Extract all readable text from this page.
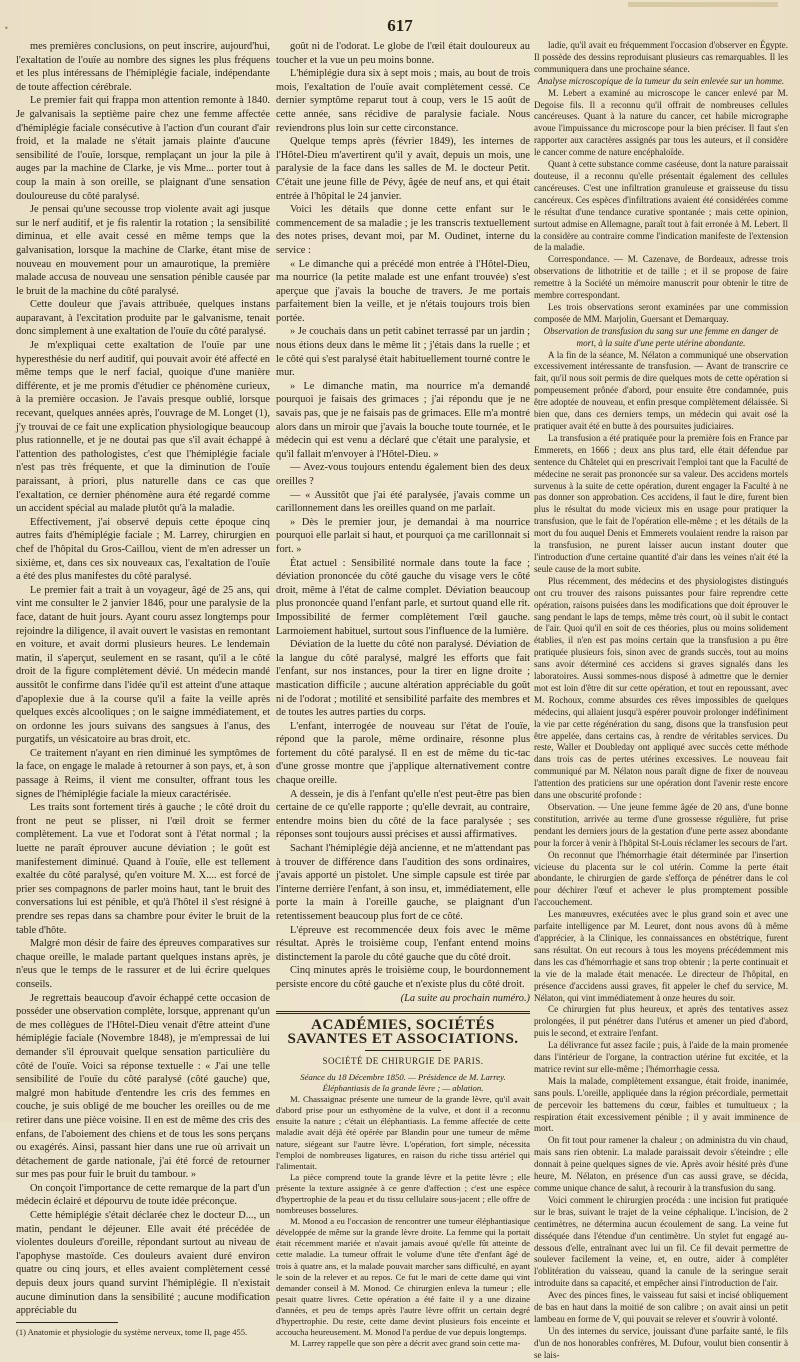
•	617

mes premières conclusions, on peut inscrire, aujourd'hui, l'exaltation de l'ouïe au nombre des signes les plus fréquens et les plus intéressans de l'hémiplégie faciale, indépendante de toute affection cérébrale.

Le premier fait qui frappa mon attention remonte à 1840. Je galvanisais la septième paire chez une femme affectée d'hémiplégie faciale consécutive à l'action d'un courant d'air froid, et la malade ne s'était jamais plainte d'aucune sensibilité de l'ouïe, lorsque, remplaçant un jour la pile à auges par la machine de Clarke, je vis Mme... porter tout à coup la main à son oreille, se plaignant d'une sensation douloureuse du côté paralysé.

Je pensai qu'une secousse trop violente avait agi jusque sur le nerf auditif, et je fis ralentir la rotation ; la sensibilité diminua, et elle avait cessé en même temps que la galvanisation, lorsque la machine de Clarke, étant mise de nouveau en mouvement pour un amaurotique, la première malade accusa de nouveau une sensation pénible causée par le bruit de la machine du côté paralysé.

Cette douleur que j'avais attribuée, quelques instans auparavant, à l'excitation produite par le galvanisme, tenait donc simplement à une exaltation de l'ouïe du côté paralysé.

Je m'expliquai cette exaltation de l'ouïe par une hyperesthésie du nerf auditif, qui pouvait avoir été affecté en même temps que le nerf facial, quoique d'une manière différente, et je me promis d'étudier ce phénomène curieux, à la première occasion. Je l'avais presque oublié, lorsque recevant, quelques années après, l'ouvrage de M. Longet (1), j'y trouvai de ce fait une explication physiologique beaucoup plus rationnelle, et je ne doutai pas que s'il avait échappé à l'attention des pathologistes, c'est que l'hémiplégie faciale n'est pas très fréquente, et que la diminution de l'ouïe paraissant, à priori, plus naturelle dans ce cas que l'exaltation, ce dernier phénomène aura été regardé comme un accident spécial au malade plutôt qu'à la maladie.

Effectivement, j'ai observé depuis cette époque cinq autres faits d'hémiplégie faciale ; M. Larrey, chirurgien en chef de l'hôpital du Gros-Caillou, vient de m'en adresser un sixième, et, dans ces six nouveaux cas, l'exaltation de l'ouïe a été des plus manifestes du côté paralysé.

Le premier fait a trait à un voyageur, âgé de 25 ans, qui vint me consulter le 2 janvier 1846, pour une paralysie de la face, datant de huit jours. Ayant couru assez longtemps pour rejoindre la diligence, il avait ouvert le vasistas en remontant en voiture, et avait dormi plusieurs heures. Le lendemain matin, il s'aperçut, seulement en se rasant, qu'il a le côté droit de la figure complètement dévié. Un médecin mandé aussitôt le confirme dans l'idée qu'il est atteint d'une attaque d'apoplexie due à la course qu'il a faite la veille après quelques excès alcooliques ; on le saigne immédiatement, et on ordonne les jours suivans des sangsues à l'anus, des purgatifs, un vésicatoire au bras droit, etc.

Ce traitement n'ayant en rien diminué les symptômes de la face, on engage le malade à retourner à son pays, et, à son passage à Reims, il vient me consulter, offrant tous les signes de l'hémiplégie faciale la mieux caractérisée.

Les traits sont fortement tirés à gauche ; le côté droit du front ne peut se plisser, ni l'œil droit se fermer complètement. La vue et l'odorat sont à l'état normal ; la luette ne paraît éprouver aucune déviation ; le goût est manifestement diminué. Quand à l'ouïe, elle est tellement exaltée du côté paralysé, qu'en voiture M. X.... est forcé de prier ses compagnons de parler moins haut, tant le bruit des conversations lui est pénible, et qu'à l'hôtel il s'est résigné à prendre ses repas dans sa chambre pour éviter le bruit de la table d'hôte.

Malgré mon désir de faire des épreuves comparatives sur chaque oreille, le malade partant quelques instans après, je n'eus que le temps de le rassurer et de lui écrire quelques conseils.

Je regrettais beaucoup d'avoir échappé cette occasion de posséder une observation complète, lorsque, apprenant qu'un de mes collègues de l'Hôtel-Dieu venait d'être atteint d'une hémiplégie faciale (Novembre 1848), je m'empressai de lui demander s'il éprouvait quelque sensation particulière du côté de l'ouïe. Voici sa réponse textuelle : « J'ai une telle sensibilité de l'ouïe du côté paralysé (côté gauche) que, malgré mon habitude d'entendre les cris des femmes en couche, je suis obligé de me boucher les oreilles ou de me retirer dans une pièce voisine. Il en est de même des cris des enfans, de l'aboiement des chiens et de tous les sons perçans ou exagérés. Ainsi, passant hier dans une rue où arrivait un détachement de garde nationale, j'ai été forcé de retourner sur mes pas pour fuir le bruit du tambour. »

On conçoit l'importance de cette remarque de la part d'un médecin éclairé et dépourvu de toute idée préconçue.

Cette hémiplégie s'était déclarée chez le docteur D..., un matin, pendant le déjeuner. Elle avait été précédée de violentes douleurs d'oreille, répondant surtout au niveau de l'apophyse mastoïde. Ces douleurs avaient duré environ quatre ou cinq jours, et elles avaient complètement cessé depuis deux jours quand survint l'hémiplégie. Il n'existait aucune diminution dans la sensibilité ; aucune modification appréciable du

(1) Anatomie et physiologie du système nerveux, tome II, page 455.

goût ni de l'odorat. Le globe de l'œil était douloureux au toucher et la vue un peu moins bonne.

L'hémiplégie dura six à sept mois ; mais, au bout de trois mois, l'exaltation de l'ouïe avait complètement cessé. Ce dernier symptôme reparut tout à coup, vers le 15 août de cette année, sans récidive de paralysie faciale. Nous reviendrons plus loin sur cette circonstance.

Quelque temps après (février 1849), les internes de l'Hôtel-Dieu m'avertirent qu'il y avait, depuis un mois, une paralysie de la face dans les salles de M. le docteur Petit. C'était une jeune fille de Pévy, âgée de neuf ans, et qui était entrée à l'hôpital le 24 janvier.

Voici les détails que donne cette enfant sur le commencement de sa maladie ; je les transcris textuellement des notes prises, devant moi, par M. Oudinet, interne du service :

« Le dimanche qui a précédé mon entrée à l'Hôtel-Dieu, ma nourrice (la petite malade est une enfant trouvée) s'est aperçue que j'avais la bouche de travers. Je me portais parfaitement bien la veille, et je n'étais toujours trois bien portée.

» Je couchais dans un petit cabinet terrassé par un jardin ; nous étions deux dans le même lit ; j'étais dans la ruelle ; et le côté qui s'est paralysé était habituellement tourné contre le mur.

» Le dimanche matin, ma nourrice m'a demandé pourquoi je faisais des grimaces ; j'ai répondu que je ne savais pas, que je ne faisais pas de grimaces. Elle m'a montré alors dans un miroir que j'avais la bouche toute tournée, et le médecin qui est venu a déclaré que c'était une paralysie, et qu'il fallait m'envoyer à l'Hôtel-Dieu. »

— Avez-vous toujours entendu également bien des deux oreilles ?

— « Aussitôt que j'ai été paralysée, j'avais comme un carillonnement dans les oreilles quand on me parlait.

» Dès le premier jour, je demandai à ma nourrice pourquoi elle parlait si haut, et pourquoi ça me carillonnait si fort. »

État actuel : Sensibilité normale dans toute la face ; déviation prononcée du côté gauche du visage vers le côté droit, même à l'état de calme complet. Déviation beaucoup plus prononcée quand l'enfant parle, et surtout quand elle rit. Impossibilité de fermer complètement l'œil gauche. Larmoiement habituel, surtout sous l'influence de la lumière.

Déviation de la luette du côté non paralysé. Déviation de la langue du côté paralysé, malgré les efforts que fait l'enfant, sur nos instances, pour la tirer en ligne droite ; mastication difficile ; aucune altération appréciable du goût ni de l'odorat ; motilité et sensibilité parfaite des membres et de toutes les autres parties du corps.

L'enfant, interrogée de nouveau sur l'état de l'ouïe, répond que la parole, même ordinaire, résonne plus fortement du côté paralysé. Il en est de même du tic-tac d'une grosse montre que j'applique alternativement contre chaque oreille.

A dessein, je dis à l'enfant qu'elle n'est peut-être pas bien certaine de ce qu'elle rapporte ; qu'elle devrait, au contraire, entendre moins bien du côté de la face paralysée ; ses réponses sont toujours aussi précises et aussi affirmatives.

Sachant l'hémiplégie déjà ancienne, et ne m'attendant pas à trouver de différence dans l'audition des sons ordinaires, j'avais apporté un pistolet. Une simple capsule est tirée par l'interne derrière l'enfant, à son insu, et, immédiatement, elle porte la main à l'oreille gauche, se plaignant d'un retentissement beaucoup plus fort de ce côté.

L'épreuve est recommencée deux fois avec le même résultat. Après le troisième coup, l'enfant entend moins distinctement la parole du côté gauche que du côté droit.

Cinq minutes après le troisième coup, le bourdonnement persiste encore du côté gauche et n'existe plus du côté droit.

(La suite au prochain numéro.)

ACADÉMIES, SOCIÉTÉS SAVANTES ET ASSOCIATIONS.
SOCIÉTÉ DE CHIRURGIE DE PARIS.

Séance du 18 Décembre 1850. — Présidence de M. Larrey.

Éléphantiasis de la grande lèvre ; — ablation.

M. Chassaignac présente une tumeur de la grande lèvre, qu'il avait d'abord prise pour un esthyomène de la vulve, et dont il a reconnu ensuite la nature ; c'était un éléphantiasis. La femme affectée de cette maladie avait déjà été opérée par Blandin pour une tumeur de même nature, siégeant sur l'autre lèvre. L'opération, fort simple, nécessita l'emploi de nombreuses ligatures, en raison du riche tissu artériel qui l'alimentait.

La pièce comprend toute la grande lèvre et la petite lèvre ; elle présente la texture assignée à ce genre d'affection ; c'est une espèce d'hypertrophie de la peau et du tissu cellulaire sous-jacent ; elle offre de nombreuses bosselures.

M. Monod a eu l'occasion de rencontrer une tumeur éléphantiasique développée de même sur la grande lèvre droite. La femme qui la portait était récemment mariée et n'avait jamais avoué qu'elle fût atteinte de cette maladie. La tumeur offrait le volume d'une tête d'enfant âgé de trois à quatre ans, et la malade pouvait marcher sans difficulté, en ayant le soin de la relever et au repos. Ce fut le mari de cette dame qui vint demander conseil à M. Monod. Ce chirurgien enleva la tumeur ; elle pesait quatre livres. Cette opération a été faite il y a une dizaine d'années, et peu de temps après l'autre lèvre offrit un certain degré d'hypertrophie. Du reste, cette dame devint plusieurs fois enceinte et accoucha heureusement. M. Monod l'a perdue de vue depuis longtemps.

M. Larrey rappelle que son père a décrit avec grand soin cette ma-

ladie, qu'il avait eu fréquemment l'occasion d'observer en Égypte. Il possède des dessins reproduisant plusieurs cas remarquables. Il les communiquera dans une prochaine séance.

Analyse microscopique de la tumeur du sein enlevée sur un homme.

M. Lebert a examiné au microscope le cancer enlevé par M. Degoise fils. Il a reconnu qu'il offrait de nombreuses cellules cancéreuses. Quant à la nature du cancer, cet habile micrographe avoue l'impuissance du microscope pour la bien préciser. Il faut s'en rapporter aux caractères assignés par tous les auteurs, et il considère le cancer comme de nature encéphaloïde.

Quant à cette substance comme caséeuse, dont la nature paraissait douteuse, il a reconnu qu'elle présentait également des cellules cancéreuses. C'est une infiltration granuleuse et graisseuse du tissu cancéreux. Ces espèces d'infiltrations avaient été considérées comme le résultat d'une tendance curative spontanée ; mais cette opinion, surtout admise en Allemagne, paraît tout à fait erronée à M. Lebert. Il la considère au contraire comme l'indication manifeste de l'extension de la maladie.

Correspondance. — M. Cazenave, de Bordeaux, adresse trois observations de lithotritie et de taille ; et il se propose de faire remettre à la Société un mémoire manuscrit pour obtenir le titre de membre correspondant.

Les trois observations seront examinées par une commission composée de MM. Marjolin, Guersant et Demarquay.

Observation de transfusion du sang sur une femme en danger de mort, à la suite d'une perte utérine abondante.

A la fin de la séance, M. Nélaton a communiqué une observation excessivement intéressante de transfusion. — Avant de transcrire ce fait, qu'il nous soit permis de dire quelques mots de cette opération si pompeusement prônée d'abord, pour ensuite être condamnée, puis être adoptée de nouveau, et enfin presque complètement délaissée. Si bien que, dans ces derniers temps, un médecin qui avait osé la pratiquer avait été en butte à des poursuites judiciaires.

La transfusion a été pratiquée pour la première fois en France par Emmerets, en 1666 ; deux ans plus tard, elle était défendue par sentence du Châtelet qui en prescrivait l'emploi tant que la Faculté de médecine ne serait pas prononcée sur sa valeur. Des accidens mortels survenus à la suite de cette opération, durent engager la Faculté à ne pas donner son approbation. Ces accidens, il faut le dire, furent bien plus le résultat du mode vicieux mis en usage pour pratiquer la transfusion, que le fait de l'opération elle-même ; et les détails de la mort du fou auquel Denis et Emmerets voulaient rendre la raison par la transfusion, ne purent laisser aucun instant douter que l'introduction d'une certaine quantité d'air dans les veines n'ait été la seule cause de la mort subite.

Plus récemment, des médecins et des physiologistes distingués ont cru trouver des raisons puissantes pour faire reprendre cette opération, raisons puisées dans les modifications que doit éprouver le sang pendant le laps de temps, même très court, où il subit le contact de l'air. Quoi qu'il en soit de ces théories, plus ou moins solidement établies, il n'en est pas moins certain que la transfusion a pu être pratiquée plusieurs fois, sinon avec de grands succès, tout au moins sans avoir déterminé ces accidens si graves signalés dans les laboratoires. Aussi sommes-nous disposé à admettre que le dernier mot est loin d'être dit sur cette opération, et tout en repoussant, avec M. Rochoux, comme absurdes ces rêves impossibles de quelques médecins, qui allaient jusqu'à espérer pouvoir prolonger indéfiniment la vie par cette régénération du sang, disons que la transfusion peut être appelée, dans certains cas, à rendre de véritables services. Du reste, Waller et Doubleday ont appliqué avec succès cette méthode dans trois cas de pertes utérines excessives. Le nouveau fait communiqué par M. Nélaton nous paraît digne de fixer de nouveau l'attention des praticiens sur une opération dont l'avenir reste encore dans une obscurité profonde :

Observation. — Une jeune femme âgée de 20 ans, d'une bonne constitution, arrivée au terme d'une grossesse régulière, fut prise pendant les derniers jours de la gestation d'une perte assez abondante pour la forcer à venir à l'hôpital St-Louis réclamer les secours de l'art.

On reconnut que l'hémorrhagie était déterminée par l'insertion vicieuse du placenta sur le col utérin. Comme la perte était abondante, le chirurgien de garde s'efforça de pénétrer dans le col pour déchirer l'œuf et achever le plus promptement possible l'accouchement.

Les manœuvres, exécutées avec le plus grand soin et avec une parfaite intelligence par M. Leuret, dont nous avons dû à même d'apprécier, à la Clinique, les connaissances en obstétrique, furent sans résultat. On eut recours à tous les moyens précédemment mis dans les cas d'hémorrhagie et sans trop obtenir ; la perte continuait et la vie de la malade était menacée. Le directeur de l'hôpital, en présence d'accidens aussi graves, fit appeler le chef du service, M. Nélaton, qui vint immédiatement à onze heures du soir.

Ce chirurgien fut plus heureux, et après des tentatives assez prolongées, il put pénétrer dans l'utérus et amener un pied d'abord, puis le second, et extraire l'enfant.

La délivrance fut assez facile ; puis, à l'aide de la main promenée dans l'intérieur de l'organe, la contraction utérine fut excitée, et la matrice revint sur elle-même ; l'hémorrhagie cessa.

Mais la malade, complètement exsangue, était froide, inanimée, sans pouls. L'oreille, appliquée dans la région précordiale, permettait de percevoir les battemens du cœur, faibles et tumultueux ; la respiration était excessivement pénible ; il y avait imminence de mort.

On fit tout pour ramener la chaleur ; on administra du vin chaud, mais sans rien obtenir. La malade paraissait devoir s'éteindre ; elle donnait à peine quelques signes de vie. Après avoir hésité près d'une heure, M. Nélaton, en présence d'un cas aussi grave, se décida, comme unique chance de salut, à recourir à la transfusion du sang.

Voici comment le chirurgien procéda : une incision fut pratiquée sur le bras, suivant le trajet de la veine céphalique. L'incision, de 2 centimètres, ne détermina aucun écoulement de sang. La veine fut disséquée dans l'étendue d'un centimètre. Un stylet fut engagé au-dessous d'elle, entraînant avec lui un fil. Ce fil devait permettre de soulever facilement la veine, et, en outre, aider à compléter l'oblitération du vaisseau, quand la canule de la seringue serait introduite dans sa capacité, et empêcher ainsi l'introduction de l'air.

Avec des pinces fines, le vaisseau fut saisi et incisé obliquement de bas en haut dans la moitié de son calibre ; on avait ainsi un petit lambeau en forme de V, qui pouvait se relever et s'ouvrir à volonté.

Un des internes du service, jouissant d'une parfaite santé, le fils d'un de nos honorables confrères, M. Dufour, voulut bien consentir à se lais-
